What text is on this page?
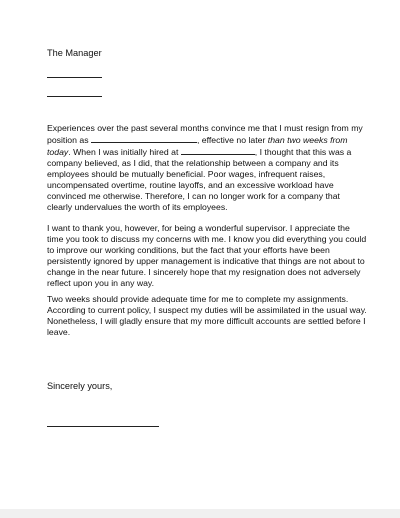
The Manager

Experiences over the past several months convince me that I must resign from my position as	, effective no later than two weeks from today. When I was initially hired at	, I thought that this was a company believed, as I did, that the relationship between a company and its employees should be mutually beneficial. Poor wages, infrequent raises, uncompensated overtime, routine layoffs, and an excessive workload have convinced me otherwise. Therefore, I can no longer work for a company that clearly undervalues the worth of its employees.

I want to thank you, however, for being a wonderful supervisor. I appreciate the time you took to discuss my concerns with me. I know you did everything you could to improve our working conditions, but the fact that your efforts have been persistently ignored by upper management is indicative that things are not about to change in the near future. I sincerely hope that my resignation does not adversely reflect upon you in any way.

Two weeks should provide adequate time for me to complete my assignments. According to current policy, I suspect my duties will be assimilated in the usual way. Nonetheless, I will gladly ensure that my more difficult accounts are settled before I leave.

Sincerely yours,
